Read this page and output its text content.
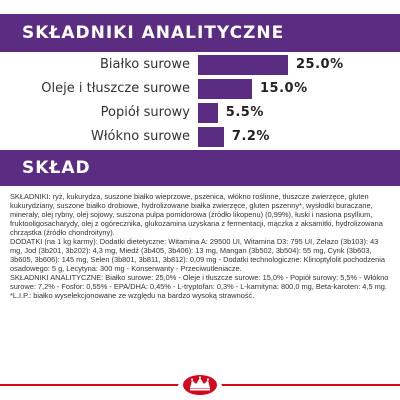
SKŁADNIKI ANALITYCZNE
Białko surowe	25.0%
Oleje i tłuszcze surowe	15.0%
Popiół surowy	5.5%
Włókno surowe	7.2%
SKŁAD

SKŁADNIKI: ryż, kukurydza, suszone białko wieprzowe, pszenica, włókno roślinne, tłuszcze zwierzęce, gluten kukurydziany, suszone białko drobiowe, hydrolizowane białka zwierzęce, gluten pszenny*, wysłodki buraczane, minerały, olej rybny, olej sojowy, suszona pulpa pomidorowa (źródło likopenu) (0,99%), łuski i nasiona psyllium, fruktooligosacharydy, olej z ogórecznika, glukozamina uzyskana z fermentacji, mączka z aksamitki, hydrolizowana chrząstka (źródło chondroityny).

DODATKI (na 1 kg karmy): Dodatki dietetyczne: Witamina A: 29500 UI, Witamina D3: 795 UI, Żelazo (3b103): 43 mg, Jod (3b201, 3b202): 4,3 mg, Miedź (3b405, 3b406): 13 mg, Mangan (3b502, 3b504): 55 mg, Cynk (3b603, 3b605, 3b606): 145 mg, Selen (3b801, 3b811, 3b812): 0,09 mg - Dodatki technologiczne: Klinoptylolit pochodzenia osadowego: 5 g, Lecytyna: 300 mg - Konserwanty - Przeciwutleniacze.

SKŁADNIKI ANALITYCZNE: Białko surowe: 25,0% - Oleje i tłuszcze surowe: 15,0% - Popiół surowy: 5,5% - Włókno surowe: 7,2% - Fosfor: 0,55% - EPA/DHA: 0,45% - L-tryptofan: 0,3% - L-karnityna: 800,0 mg, Beta-karoten: 4,5 mg.

*L.I.P.: białko wyselekcjonowane ze względu na bardzo wysoką strawność.
